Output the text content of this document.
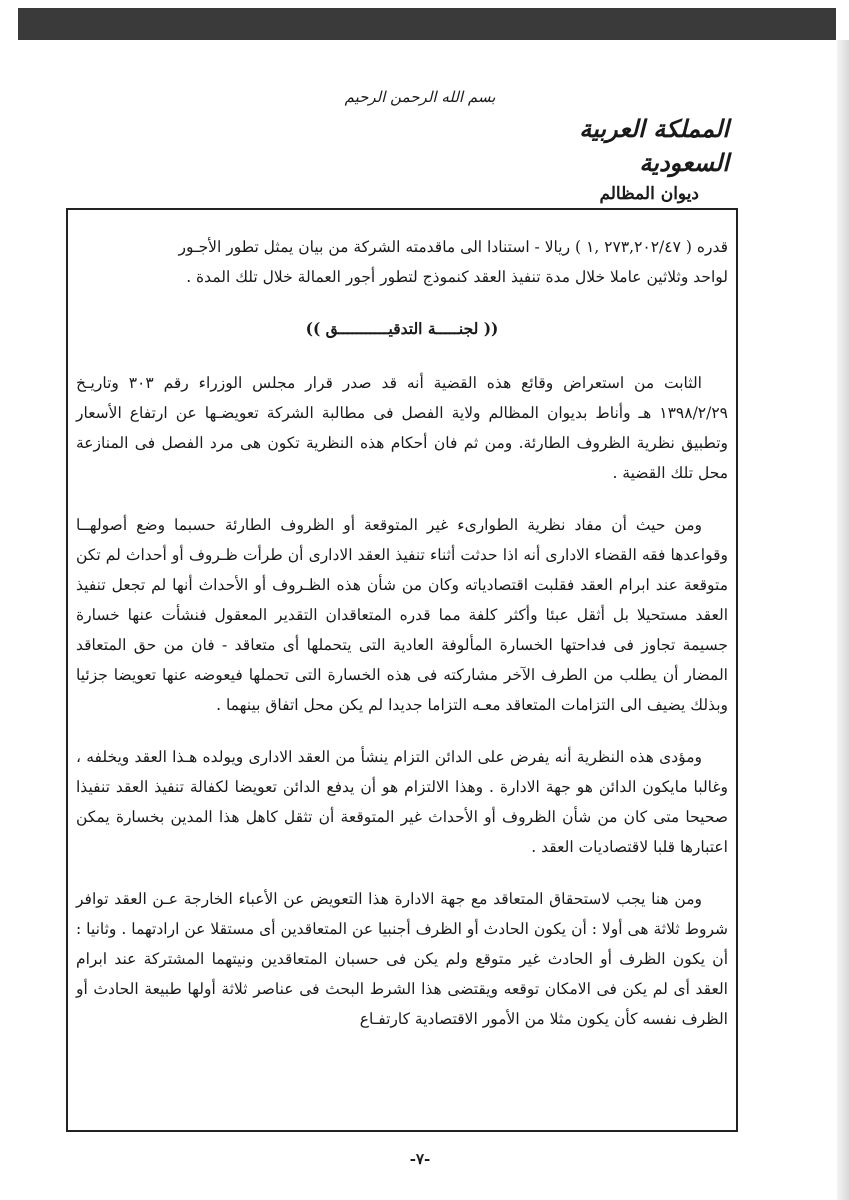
بسم الله الرحمن الرحيم
المملكة العربية السعودية
ديوان المظالم

قدره ( ٢٧٣,٢٠٢/٤٧ ,١ ) ريالا - استنادا الى ماقدمته الشركة من بيان يمثل تطور الأجـور
لواحد وثلاثين عاملا خلال مدة تنفيذ العقد كنموذج لتطور أجور العمالة خلال تلك المدة .

(( لجنـــــة التدقيـــــــــــق ))

الثابت من استعراض وقائع هذه القضية أنه قد صدر قرار مجلس الوزراء رقم ٣٠٣ وتاريـخ ١٣٩٨/٢/٢٩ هـ وأناط بديوان المظالم ولاية الفصل فى مطالبة الشركة تعويضـها عن ارتفاع الأسعار وتطبيق نظرية الظروف الطارئة. ومن ثم فان أحكام هذه النظرية تكون هى مرد الفصل فى المنازعة محل تلك القضية .

ومن حيث أن مفاد نظرية الطوارىء غير المتوقعة أو الظروف الطارئة حسبما وضع أصولهــا وقواعدها فقه القضاء الادارى أنه اذا حدثت أثناء تنفيذ العقد الادارى أن طرأت ظـروف أو أحداث لم تكن متوقعة عند ابرام العقد فقلبت اقتصادياته وكان من شأن هذه الظـروف أو الأحداث أنها لم تجعل تنفيذ العقد مستحيلا بل أثقل عبئا وأكثر كلفة مما قدره المتعاقدان التقدير المعقول فنشأت عنها خسارة جسيمة تجاوز فى فداحتها الخسارة المألوفة العادية التى يتحملها أى متعاقد - فان من حق المتعاقد المضار أن يطلب من الطرف الآخر مشاركته فى هذه الخسارة التى تحملها فيعوضه عنها تعويضا جزئيا وبذلك يضيف الى التزامات المتعاقد معـه التزاما جديدا لم يكن محل اتفاق بينهما .

ومؤدى هذه النظرية أنه يفرض على الدائن التزام ينشأ من العقد الادارى ويولده هـذا العقد ويخلفه ، وغالبا مايكون الدائن هو جهة الادارة . وهذا الالتزام هو أن يدفع الدائن تعويضا لكفالة تنفيذ العقد تنفيذا صحيحا متى كان من شأن الظروف أو الأحداث غير المتوقعة أن تثقل كاهل هذا المدين بخسارة يمكن اعتبارها قلبا لاقتصاديات العقد .

ومن هنا يجب لاستحقاق المتعاقد مع جهة الادارة هذا التعويض عن الأعباء الخارجة عـن العقد توافر شروط ثلاثة هى أولا : أن يكون الحادث أو الظرف أجنبيا عن المتعاقدين أى مستقلا عن ارادتهما . وثانيا : أن يكون الظرف أو الحادث غير متوقع ولم يكن فى حسبان المتعاقدين ونيتهما المشتركة عند ابرام العقد أى لم يكن فى الامكان توقعه ويقتضى هذا الشرط البحث فى عناصر ثلاثة أولها طبيعة الحادث أو الظرف نفسه كأن يكون مثلا من الأمور الاقتصادية كارتفـاع

-٧-
